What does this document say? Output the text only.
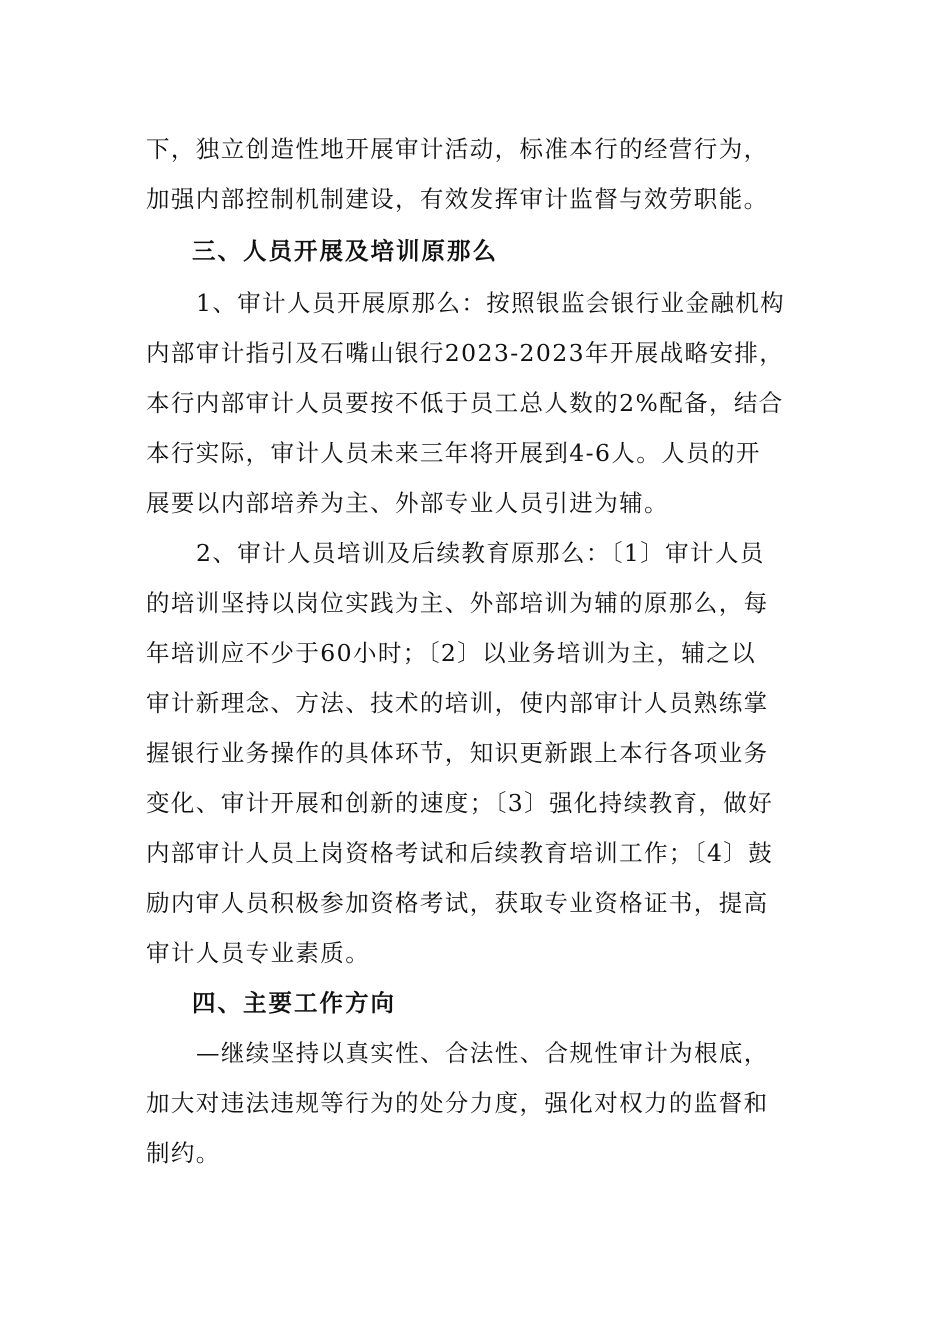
下，独立创造性地开展审计活动，标准本行的经营行为，
加强内部控制机制建设，有效发挥审计监督与效劳职能。
三、人员开展及培训原那么
1、审计人员开展原那么：按照银监会银行业金融机构
内部审计指引及石嘴山银行2023-2023年开展战略安排，
本行内部审计人员要按不低于员工总人数的2%配备，结合
本行实际，审计人员未来三年将开展到4-6人。人员的开
展要以内部培养为主、外部专业人员引进为辅。
2、审计人员培训及后续教育原那么：〔1〕审计人员
的培训坚持以岗位实践为主、外部培训为辅的原那么，每
年培训应不少于60小时；〔2〕以业务培训为主，辅之以
审计新理念、方法、技术的培训，使内部审计人员熟练掌
握银行业务操作的具体环节，知识更新跟上本行各项业务
变化、审计开展和创新的速度；〔3〕强化持续教育，做好
内部审计人员上岗资格考试和后续教育培训工作；〔4〕鼓
励内审人员积极参加资格考试，获取专业资格证书，提高
审计人员专业素质。
四、主要工作方向
—继续坚持以真实性、合法性、合规性审计为根底，
加大对违法违规等行为的处分力度，强化对权力的监督和
制约。
